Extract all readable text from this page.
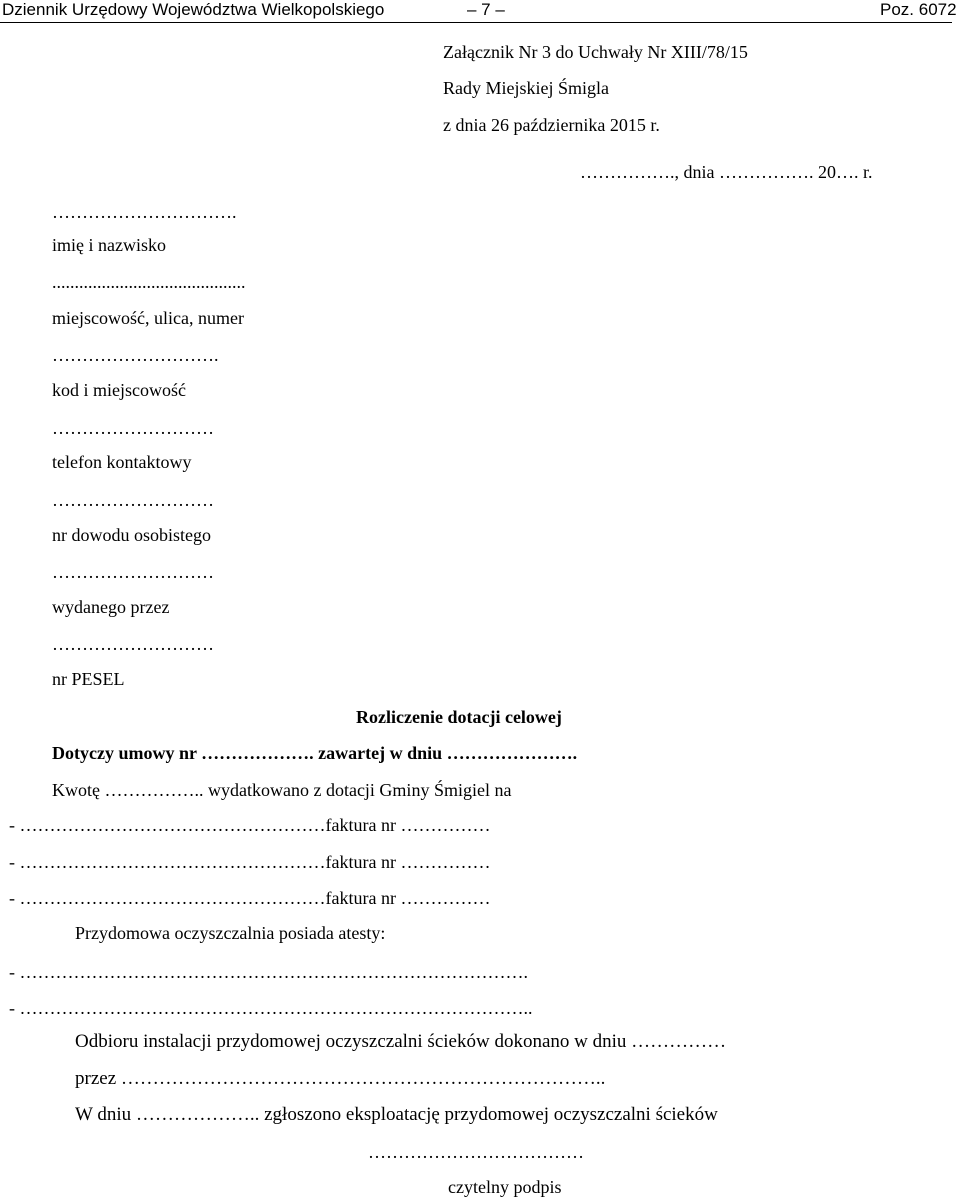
Dziennik Urzędowy Województwa Wielkopolskiego	– 7 –	Poz. 6072
Załącznik Nr 3 do Uchwały Nr XIII/78/15
Rady Miejskiej Śmigla
z dnia 26 października 2015 r.
……………., dnia ……………. 20…. r.
………………………….
imię i nazwisko
...........................................
miejscowość, ulica, numer
……………………….
kod i miejscowość
………………………
telefon kontaktowy
………………………
nr dowodu osobistego
………………………
wydanego przez
………………………
nr PESEL
Rozliczenie dotacji celowej
Dotyczy umowy nr ………………. zawartej w dniu ………………….
Kwotę …………….. wydatkowano z dotacji Gminy Śmigiel na
- ……………………………………………faktura nr ……………
- ……………………………………………faktura nr ……………
- ……………………………………………faktura nr ……………
Przydomowa oczyszczalnia posiada atesty:
- ………………………………………………………………………….
- …………………………………………………………………………..
Odbioru instalacji przydomowej oczyszczalni ścieków dokonano w dniu ……………
przez …………………………………………………………………..
W dniu ……………….. zgłoszono eksploatację przydomowej oczyszczalni ścieków
………………………………
czytelny podpis
